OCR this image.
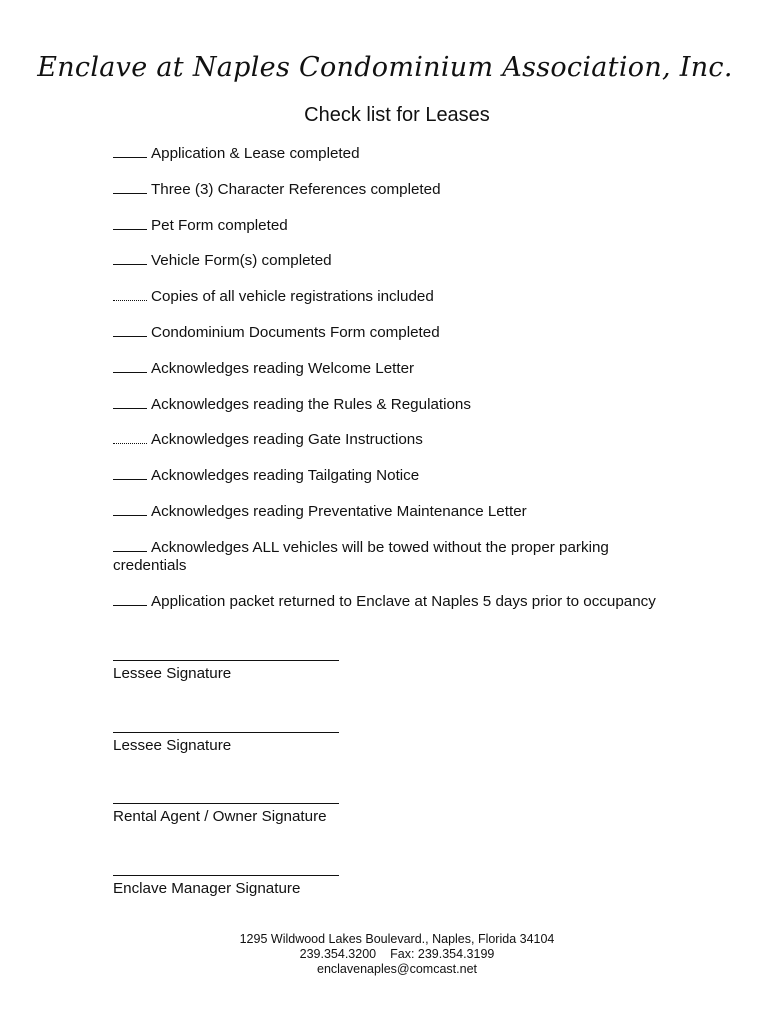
Enclave at Naples Condominium Association, Inc.
Check list for Leases
Application & Lease completed
Three (3) Character References completed
Pet Form completed
Vehicle Form(s) completed
Copies of all vehicle registrations included
Condominium Documents Form completed
Acknowledges reading Welcome Letter
Acknowledges reading the Rules & Regulations
Acknowledges reading Gate Instructions
Acknowledges reading Tailgating Notice
Acknowledges reading Preventative Maintenance Letter
Acknowledges ALL vehicles will be towed without the proper parking credentials
Application packet returned to Enclave at Naples 5 days prior to occupancy
Lessee Signature
Lessee Signature
Rental Agent / Owner Signature
Enclave Manager Signature
1295 Wildwood Lakes Boulevard., Naples, Florida 34104
239.354.3200 Fax: 239.354.3199
enclavenaples@comcast.net
